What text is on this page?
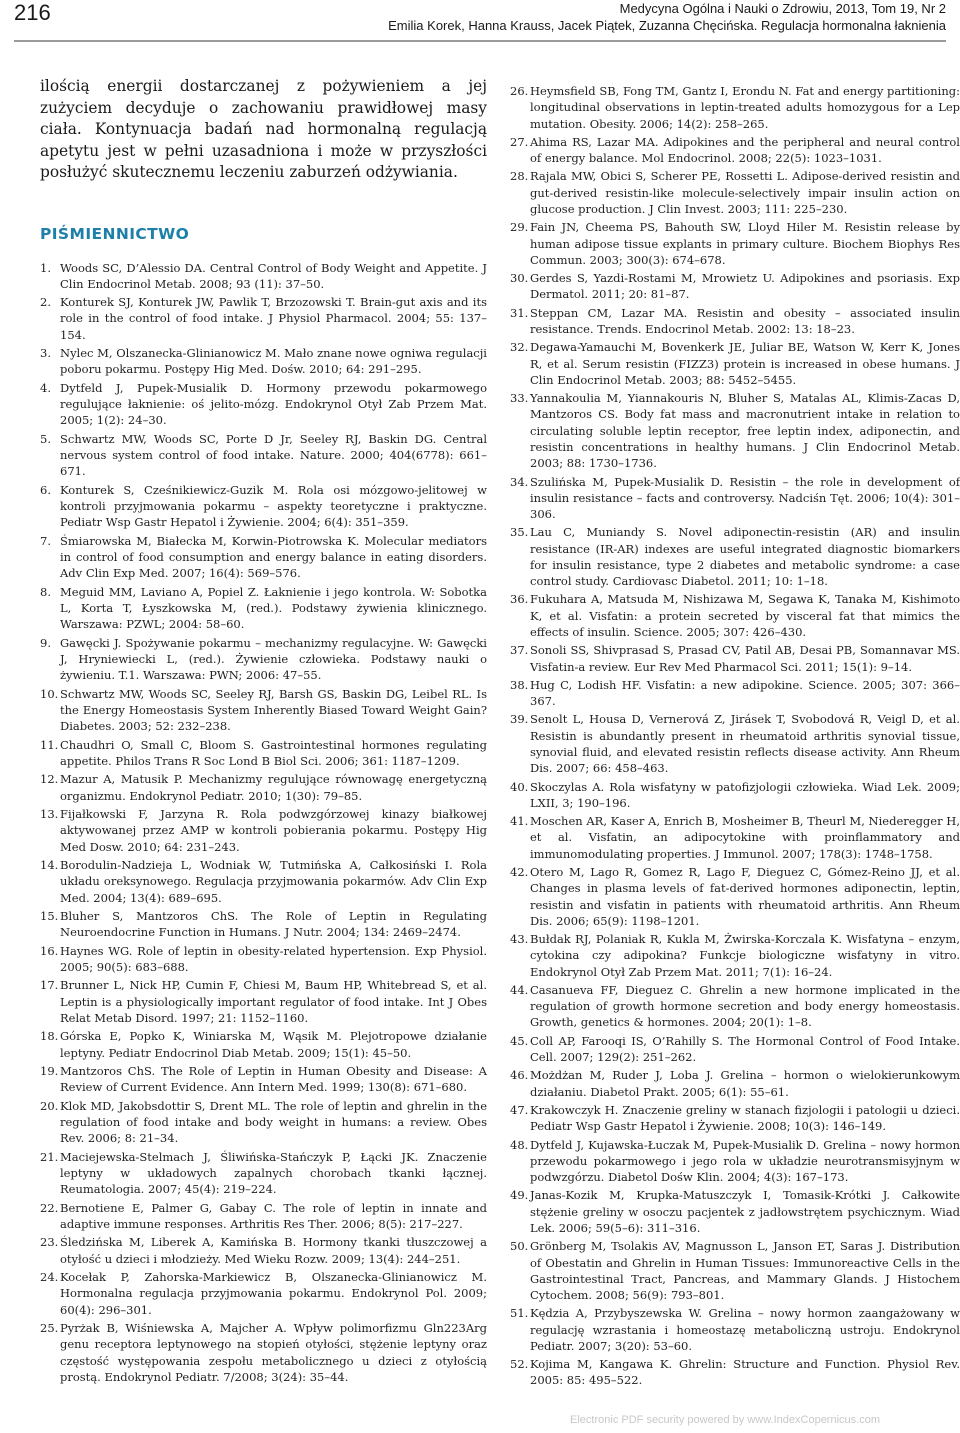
216	Medycyna Ogólna i Nauki o Zdrowiu, 2013, Tom 19, Nr 2
Emilia Korek, Hanna Krauss, Jacek Piątek, Zuzanna Chęcińska. Regulacja hormonalna łaknienia

ilością energii dostarczanej z pożywieniem a jej zużyciem decyduje o zachowaniu prawidłowej masy ciała. Kontynuacja badań nad hormonalną regulacją apetytu jest w pełni uzasadniona i może w przyszłości posłużyć skutecznemu leczeniu zaburzeń odżywiania.

PIŚMIENNICTWO
1. Woods SC, D’Alessio DA. Central Control of Body Weight and Appetite. J Clin Endocrinol Metab. 2008; 93 (11): 37–50.
2. Konturek SJ, Konturek JW, Pawlik T, Brzozowski T. Brain-gut axis and its role in the control of food intake. J Physiol Pharmacol. 2004; 55: 137–154.
3. Nylec M, Olszanecka-Glinianowicz M. Mało znane nowe ogniwa regulacji poboru pokarmu. Postępy Hig Med. Dośw. 2010; 64: 291–295.
4. Dytfeld J, Pupek-Musialik D. Hormony przewodu pokarmowego regulujące łaknienie: oś jelito-mózg. Endokrynol Otył Zab Przem Mat. 2005; 1(2): 24–30.
5. Schwartz MW, Woods SC, Porte D Jr, Seeley RJ, Baskin DG. Central nervous system control of food intake. Nature. 2000; 404(6778): 661–671.
6. Konturek S, Cześnikiewicz-Guzik M. Rola osi mózgowo-jelitowej w kontroli przyjmowania pokarmu – aspekty teoretyczne i praktyczne. Pediatr Wsp Gastr Hepatol i Żywienie. 2004; 6(4): 351–359.
7. Śmiarowska M, Białecka M, Korwin-Piotrowska K. Molecular mediators in control of food consumption and energy balance in eating disorders. Adv Clin Exp Med. 2007; 16(4): 569–576.
8. Meguid MM, Laviano A, Popiel Z. Łaknienie i jego kontrola. W: Sobotka L, Korta T, Łyszkowska M, (red.). Podstawy żywienia klinicznego. Warszawa: PZWL; 2004: 58–60.
9. Gawęcki J. Spożywanie pokarmu – mechanizmy regulacyjne. W: Gawęcki J, Hryniewiecki L, (red.). Żywienie człowieka. Podstawy nauki o żywieniu. T.1. Warszawa: PWN; 2006: 47–55.
10. Schwartz MW, Woods SC, Seeley RJ, Barsh GS, Baskin DG, Leibel RL. Is the Energy Homeostasis System Inherently Biased Toward Weight Gain? Diabetes. 2003; 52: 232–238.
11. Chaudhri O, Small C, Bloom S. Gastrointestinal hormones regulating appetite. Philos Trans R Soc Lond B Biol Sci. 2006; 361: 1187–1209.
12. Mazur A, Matusik P. Mechanizmy regulujące równowagę energetyczną organizmu. Endokrynol Pediatr. 2010; 1(30): 79–85.
13. Fijałkowski F, Jarzyna R. Rola podwzgórzowej kinazy białkowej aktywowanej przez AMP w kontroli pobierania pokarmu. Postępy Hig Med Dosw. 2010; 64: 231–243.
14. Borodulin-Nadzieja L, Wodniak W, Tutmińska A, Całkosiński I. Rola układu oreksynowego. Regulacja przyjmowania pokarmów. Adv Clin Exp Med. 2004; 13(4): 689–695.
15. Bluher S, Mantzoros ChS. The Role of Leptin in Regulating Neuroendocrine Function in Humans. J Nutr. 2004; 134: 2469–2474.
16. Haynes WG. Role of leptin in obesity-related hypertension. Exp Physiol. 2005; 90(5): 683–688.
17. Brunner L, Nick HP, Cumin F, Chiesi M, Baum HP, Whitebread S, et al. Leptin is a physiologically important regulator of food intake. Int J Obes Relat Metab Disord. 1997; 21: 1152–1160.
18. Górska E, Popko K, Winiarska M, Wąsik M. Plejotropowe działanie leptyny. Pediatr Endocrinol Diab Metab. 2009; 15(1): 45–50.
19. Mantzoros ChS. The Role of Leptin in Human Obesity and Disease: A Review of Current Evidence. Ann Intern Med. 1999; 130(8): 671–680.
20. Klok MD, Jakobsdottir S, Drent ML. The role of leptin and ghrelin in the regulation of food intake and body weight in humans: a review. Obes Rev. 2006; 8: 21–34.
21. Maciejewska-Stelmach J, Śliwińska-Stańczyk P, Łącki JK. Znaczenie leptyny w układowych zapalnych chorobach tkanki łącznej. Reumatologia. 2007; 45(4): 219–224.
22. Bernotiene E, Palmer G, Gabay C. The role of leptin in innate and adaptive immune responses. Arthritis Res Ther. 2006; 8(5): 217–227.
23. Śledzińska M, Liberek A, Kamińska B. Hormony tkanki tłuszczowej a otyłość u dzieci i młodzieży. Med Wieku Rozw. 2009; 13(4): 244–251.
24. Kocełak P, Zahorska-Markiewicz B, Olszanecka-Glinianowicz M. Hormonalna regulacja przyjmowania pokarmu. Endokrynol Pol. 2009; 60(4): 296–301.
25. Pyrżak B, Wiśniewska A, Majcher A. Wpływ polimorfizmu Gln223Arg genu receptora leptynowego na stopień otyłości, stężenie leptyny oraz częstość występowania zespołu metabolicznego u dzieci z otyłością prostą. Endokrynol Pediatr. 7/2008; 3(24): 35–44.
26. Heymsfield SB, Fong TM, Gantz I, Erondu N. Fat and energy partitioning: longitudinal observations in leptin-treated adults homozygous for a Lep mutation. Obesity. 2006; 14(2): 258–265.
27. Ahima RS, Lazar MA. Adipokines and the peripheral and neural control of energy balance. Mol Endocrinol. 2008; 22(5): 1023–1031.
28. Rajala MW, Obici S, Scherer PE, Rossetti L. Adipose-derived resistin and gut-derived resistin-like molecule-selectively impair insulin action on glucose production. J Clin Invest. 2003; 111: 225–230.
29. Fain JN, Cheema PS, Bahouth SW, Lloyd Hiler M. Resistin release by human adipose tissue explants in primary culture. Biochem Biophys Res Commun. 2003; 300(3): 674–678.
30. Gerdes S, Yazdi-Rostami M, Mrowietz U. Adipokines and psoriasis. Exp Dermatol. 2011; 20: 81–87.
31. Steppan CM, Lazar MA. Resistin and obesity – associated insulin resistance. Trends. Endocrinol Metab. 2002: 13: 18–23.
32. Degawa-Yamauchi M, Bovenkerk JE, Juliar BE, Watson W, Kerr K, Jones R, et al. Serum resistin (FIZZ3) protein is increased in obese humans. J Clin Endocrinol Metab. 2003; 88: 5452–5455.
33. Yannakoulia M, Yiannakouris N, Bluher S, Matalas AL, Klimis-Zacas D, Mantzoros CS. Body fat mass and macronutrient intake in relation to circulating soluble leptin receptor, free leptin index, adiponectin, and resistin concentrations in healthy humans. J Clin Endocrinol Metab. 2003; 88: 1730–1736.
34. Szulińska M, Pupek-Musialik D. Resistin – the role in development of insulin resistance – facts and controversy. Nadciśn Tęt. 2006; 10(4): 301–306.
35. Lau C, Muniandy S. Novel adiponectin-resistin (AR) and insulin resistance (IR-AR) indexes are useful integrated diagnostic biomarkers for insulin resistance, type 2 diabetes and metabolic syndrome: a case control study. Cardiovasc Diabetol. 2011; 10: 1–18.
36. Fukuhara A, Matsuda M, Nishizawa M, Segawa K, Tanaka M, Kishimoto K, et al. Visfatin: a protein secreted by visceral fat that mimics the effects of insulin. Science. 2005; 307: 426–430.
37. Sonoli SS, Shivprasad S, Prasad CV, Patil AB, Desai PB, Somannavar MS. Visfatin-a review. Eur Rev Med Pharmacol Sci. 2011; 15(1): 9–14.
38. Hug C, Lodish HF. Visfatin: a new adipokine. Science. 2005; 307: 366–367.
39. Senolt L, Housa D, Vernerová Z, Jirásek T, Svobodová R, Veigl D, et al. Resistin is abundantly present in rheumatoid arthritis synovial tissue, synovial fluid, and elevated resistin reflects disease activity. Ann Rheum Dis. 2007; 66: 458–463.
40. Skoczylas A. Rola wisfatyny w patofizjologii człowieka. Wiad Lek. 2009; LXII, 3; 190–196.
41. Moschen AR, Kaser A, Enrich B, Mosheimer B, Theurl M, Niederegger H, et al. Visfatin, an adipocytokine with proinflammatory and immunomodulating properties. J Immunol. 2007; 178(3): 1748–1758.
42. Otero M, Lago R, Gomez R, Lago F, Dieguez C, Gómez-Reino JJ, et al. Changes in plasma levels of fat-derived hormones adiponectin, leptin, resistin and visfatin in patients with rheumatoid arthritis. Ann Rheum Dis. 2006; 65(9): 1198–1201.
43. Bułdak RJ, Polaniak R, Kukla M, Żwirska-Korczala K. Wisfatyna – enzym, cytokina czy adipokina? Funkcje biologiczne wisfatyny in vitro. Endokrynol Otył Zab Przem Mat. 2011; 7(1): 16–24.
44. Casanueva FF, Dieguez C. Ghrelin a new hormone implicated in the regulation of growth hormone secretion and body energy homeostasis. Growth, genetics & hormones. 2004; 20(1): 1–8.
45. Coll AP, Farooqi IS, O’Rahilly S. The Hormonal Control of Food Intake. Cell. 2007; 129(2): 251–262.
46. Możdżan M, Ruder J, Loba J. Grelina – hormon o wielokierunkowym działaniu. Diabetol Prakt. 2005; 6(1): 55–61.
47. Krakowczyk H. Znaczenie greliny w stanach fizjologii i patologii u dzieci. Pediatr Wsp Gastr Hepatol i Żywienie. 2008; 10(3): 146–149.
48. Dytfeld J, Kujawska-Łuczak M, Pupek-Musialik D. Grelina – nowy hormon przewodu pokarmowego i jego rola w układzie neurotransmisyjnym w podwzgórzu. Diabetol Dośw Klin. 2004; 4(3): 167–173.
49. Janas-Kozik M, Krupka-Matuszczyk I, Tomasik-Krótki J. Całkowite stężenie greliny w osoczu pacjentek z jadłowstrętem psychicznym. Wiad Lek. 2006; 59(5–6): 311–316.
50. Grönberg M, Tsolakis AV, Magnusson L, Janson ET, Saras J. Distribution of Obestatin and Ghrelin in Human Tissues: Immunoreactive Cells in the Gastrointestinal Tract, Pancreas, and Mammary Glands. J Histochem Cytochem. 2008; 56(9): 793–801.
51. Kędzia A, Przybyszewska W. Grelina – nowy hormon zaangażowany w regulację wzrastania i homeostazę metaboliczną ustroju. Endokrynol Pediatr. 2007; 3(20): 53–60.
52. Kojima M, Kangawa K. Ghrelin: Structure and Function. Physiol Rev. 2005: 85: 495–522.
Electronic PDF security powered by www.IndexCopernicus.com
